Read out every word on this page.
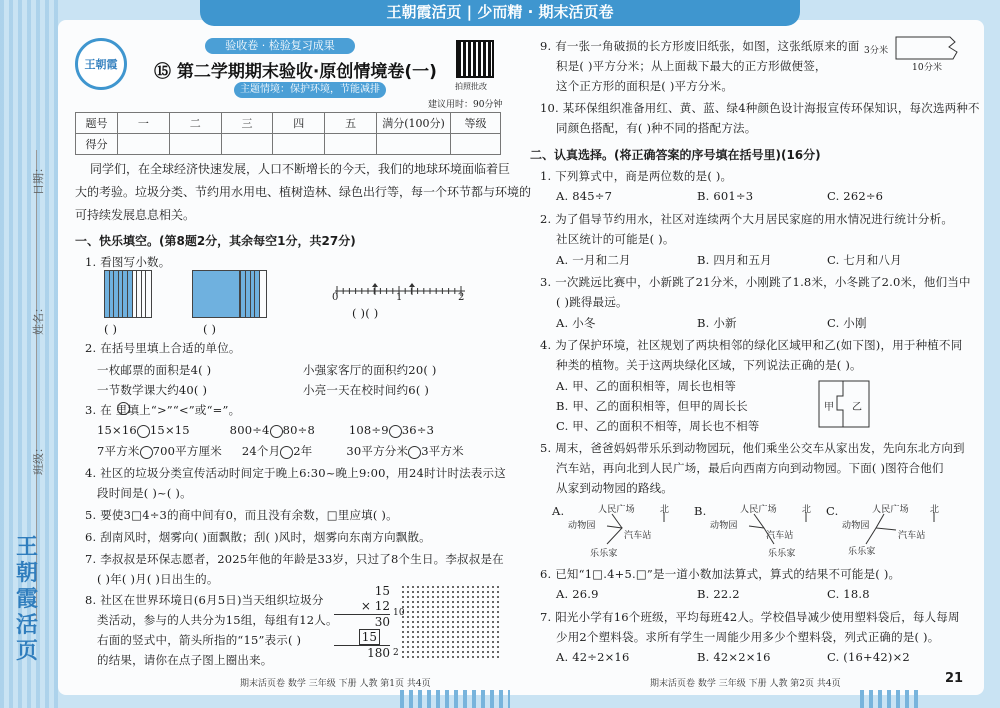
王朝霞活页 | 少而精 · 期末活页卷
日期：
姓名：
班级：
王朝霞活页
王朝霞
验收卷 · 检验复习成果
⑮ 第二学期期末验收·原创情境卷(一)
主题情境：保护环境，节能减排	拍照批改
建议用时：90分钟
题号	一	二	三	四	五	满分(100分)	等级
得分							
同学们，在全球经济快速发展，人口不断增长的今天，我们的地球环境面临着巨
大的考验。垃圾分类、节约用水用电、植树造林、绿色出行等，每一个环节都与环境的
可持续发展息息相关。
一、快乐填空。(第8题2分，其余每空1分，共27分)
1. 看图写小数。
( )	( )
0	1	2
( )( )
2. 在括号里填上合适的单位。
一枚邮票的面积是4( )	小强家客厅的面积约20( )
一节数学课大约40( )	小亮一天在校时间约6( )
3. 在 里填上“>”“<”或“=”。
15×16 15×15	800÷4 80÷8	108÷9 36÷3
7平方米 700平方厘米 24个月 2年	30平方分米 3平方米
4. 社区的垃圾分类宣传活动时间定于晚上6:30~晚上9:00，用24时计时法表示这
段时间是( )~( )。
5. 要使3□4÷3的商中间有0，而且没有余数，□里应填( )。
6. 刮南风时，烟雾向( )面飘散；刮( )风时，烟雾向东南方向飘散。
7. 李叔叔是环保志愿者，2025年他的年龄是33岁，只过了8个生日。李叔叔是在
( )年( )月( )日出生的。
8. 社区在世界环境日(6月5日)当天组织垃圾分
类活动，参与的人共分为15组，每组有12人。
右面的竖式中，箭头所指的“15”表示( )
的结果，请你在点子图上圈出来。
15
× 12
30
15
180
10
2
期末活页卷 数学 三年级 下册 人教 第1页 共4页
9. 有一张一角破损的长方形废旧纸张，如图，这张纸原来的面
积是( )平方分米；从上面裁下最大的正方形做便签，
这个正方形的面积是( )平方分米。
3分米
10分米
10. 某环保组织准备用红、黄、蓝、绿4种颜色设计海报宣传环保知识，每次选两种不
同颜色搭配，有( )种不同的搭配方法。
二、认真选择。(将正确答案的序号填在括号里)(16分)
1. 下列算式中，商是两位数的是( )。
A. 845÷7	B. 601÷3	C. 262÷6
2. 为了倡导节约用水，社区对连续两个大月居民家庭的用水情况进行统计分析。
社区统计的可能是( )。
A. 一月和二月	B. 四月和五月	C. 七月和八月
3. 一次跳远比赛中，小新跳了21分米，小刚跳了1.8米，小冬跳了2.0米，他们当中
( )跳得最远。
A. 小冬	B. 小新	C. 小刚
4. 为了保护环境，社区规划了两块相邻的绿化区域甲和乙(如下图)，用于种植不同
种类的植物。关于这两块绿化区域，下列说法正确的是( )。
A. 甲、乙的面积相等，周长也相等
B. 甲、乙的面积相等，但甲的周长长
C. 甲、乙的面积不相等，周长也不相等
甲 乙
5. 周末，爸爸妈妈带乐乐到动物园玩，他们乘坐公交车从家出发，先向东北方向到
汽车站，再向北到人民广场，最后向西南方向到动物园。下面( )图符合他们
从家到动物园的路线。
A.	人民广场	北
动物园
汽车站
乐乐家
B.	人民广场	北
动物园
汽车站
乐乐家
C.	人民广场 北
动物园
汽车站
乐乐家
6. 已知“1□.4+5.□”是一道小数加法算式，算式的结果不可能是( )。
A. 26.9	B. 22.2	C. 18.8
7. 阳光小学有16个班级，平均每班42人。学校倡导减少使用塑料袋后，每人每周
少用2个塑料袋。求所有学生一周能少用多少个塑料袋，列式正确的是( )。
A. 42÷2×16	B. 42×2×16	C. (16+42)×2
期末活页卷 数学 三年级 下册 人教 第2页 共4页	21
